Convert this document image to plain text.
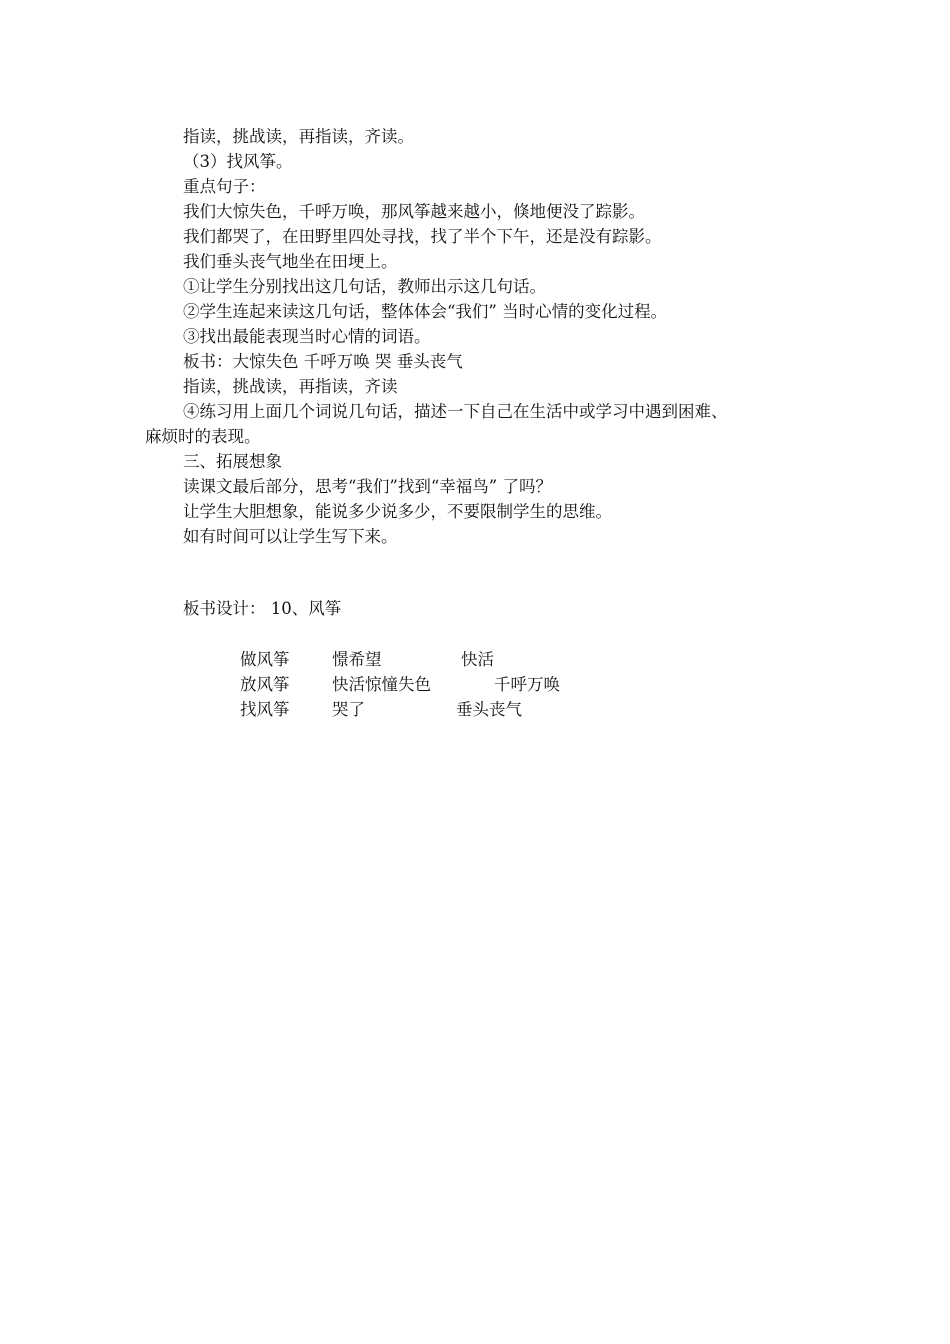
指读，挑战读，再指读，齐读。
（3）找风筝。
重点句子：
我们大惊失色，千呼万唤，那风筝越来越小，倏地便没了踪影。
我们都哭了，在田野里四处寻找，找了半个下午，还是没有踪影。
我们垂头丧气地坐在田埂上。
①让学生分别找出这几句话，教师出示这几句话。
②学生连起来读这几句话，整体体会“我们” 当时心情的变化过程。
③找出最能表现当时心情的词语。
板书：大惊失色 千呼万唤 哭 垂头丧气
指读，挑战读，再指读，齐读
④练习用上面几个词说几句话，描述一下自己在生活中或学习中遇到困难、
麻烦时的表现。
三、拓展想象
读课文最后部分，思考“我们”找到“幸福鸟” 了吗？
让学生大胆想象，能说多少说多少，不要限制学生的思维。
如有时间可以让学生写下来。
板书设计： 10、风筝
做风筝	憬希望	快活
放风筝	快活惊憧失色	千呼万唤
找风筝	哭了	垂头丧气
